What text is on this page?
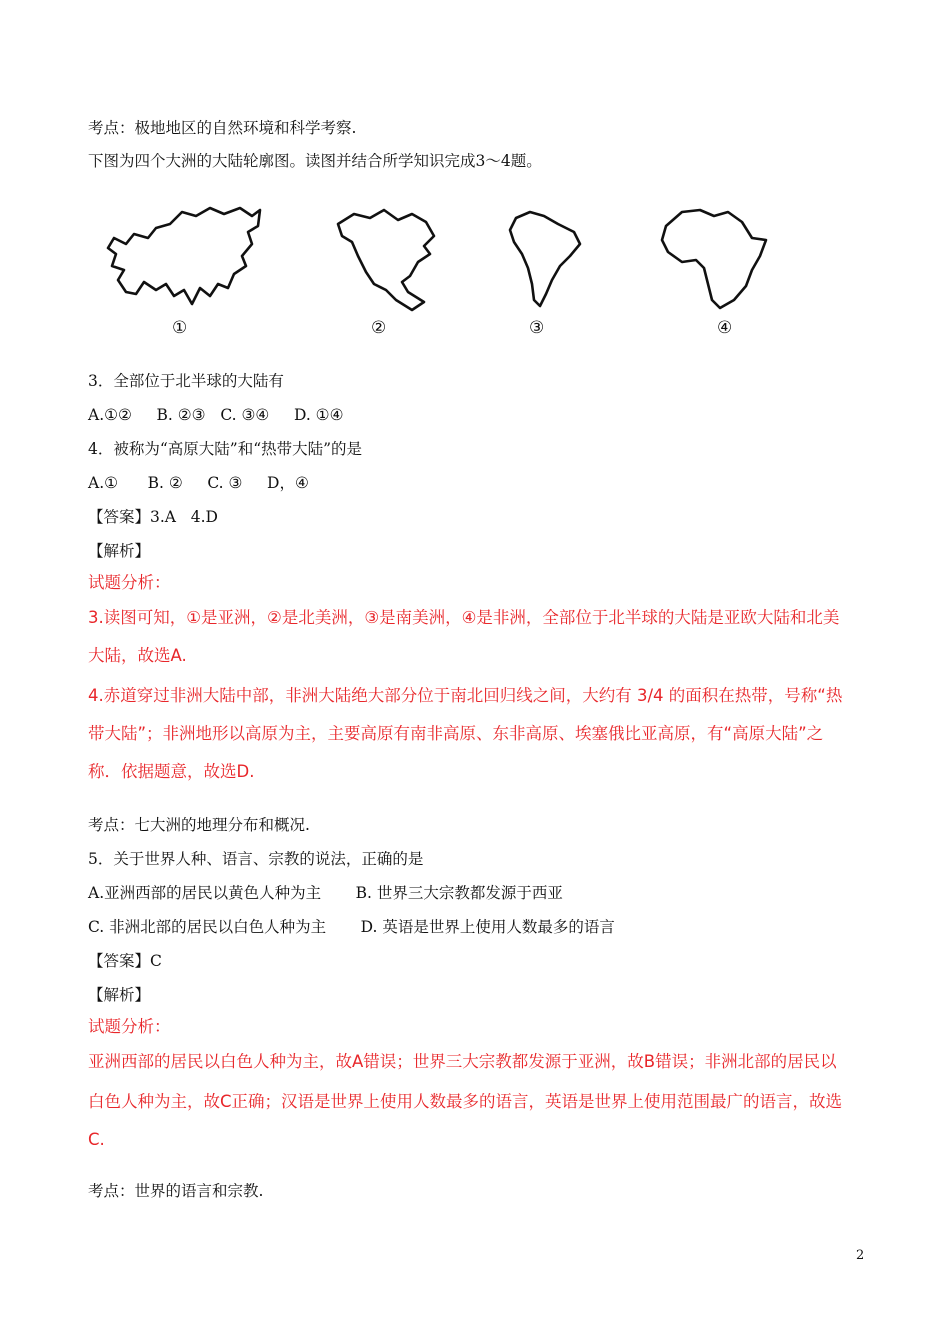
考点：极地地区的自然环境和科学考察.
下图为四个大洲的大陆轮廓图。读图并结合所学知识完成3～4题。
①	②	③	④
3．全部位于北半球的大陆有
A.①②     B. ②③   C. ③④     D. ①④
4．被称为“高原大陆”和“热带大陆”的是
A.①      B. ②     C. ③     D，④
【答案】3.A   4.D
【解析】
试题分析：
3.读图可知，①是亚洲，②是北美洲，③是南美洲，④是非洲，全部位于北半球的大陆是亚欧大陆和北美
大陆，故选A.
4.赤道穿过非洲大陆中部，非洲大陆绝大部分位于南北回归线之间，大约有 3/4 的面积在热带，号称“热
带大陆”；非洲地形以高原为主，主要高原有南非高原、东非高原、埃塞俄比亚高原，有“高原大陆”之
称．依据题意，故选D.
考点：七大洲的地理分布和概况.
5．关于世界人种、语言、宗教的说法，正确的是
A.亚洲西部的居民以黄色人种为主       B. 世界三大宗教都发源于西亚
C. 非洲北部的居民以白色人种为主       D. 英语是世界上使用人数最多的语言
【答案】C
【解析】
试题分析：
亚洲西部的居民以白色人种为主，故A错误；世界三大宗教都发源于亚洲，故B错误；非洲北部的居民以
白色人种为主，故C正确；汉语是世界上使用人数最多的语言，英语是世界上使用范围最广的语言，故选
C.
考点：世界的语言和宗教.
2
